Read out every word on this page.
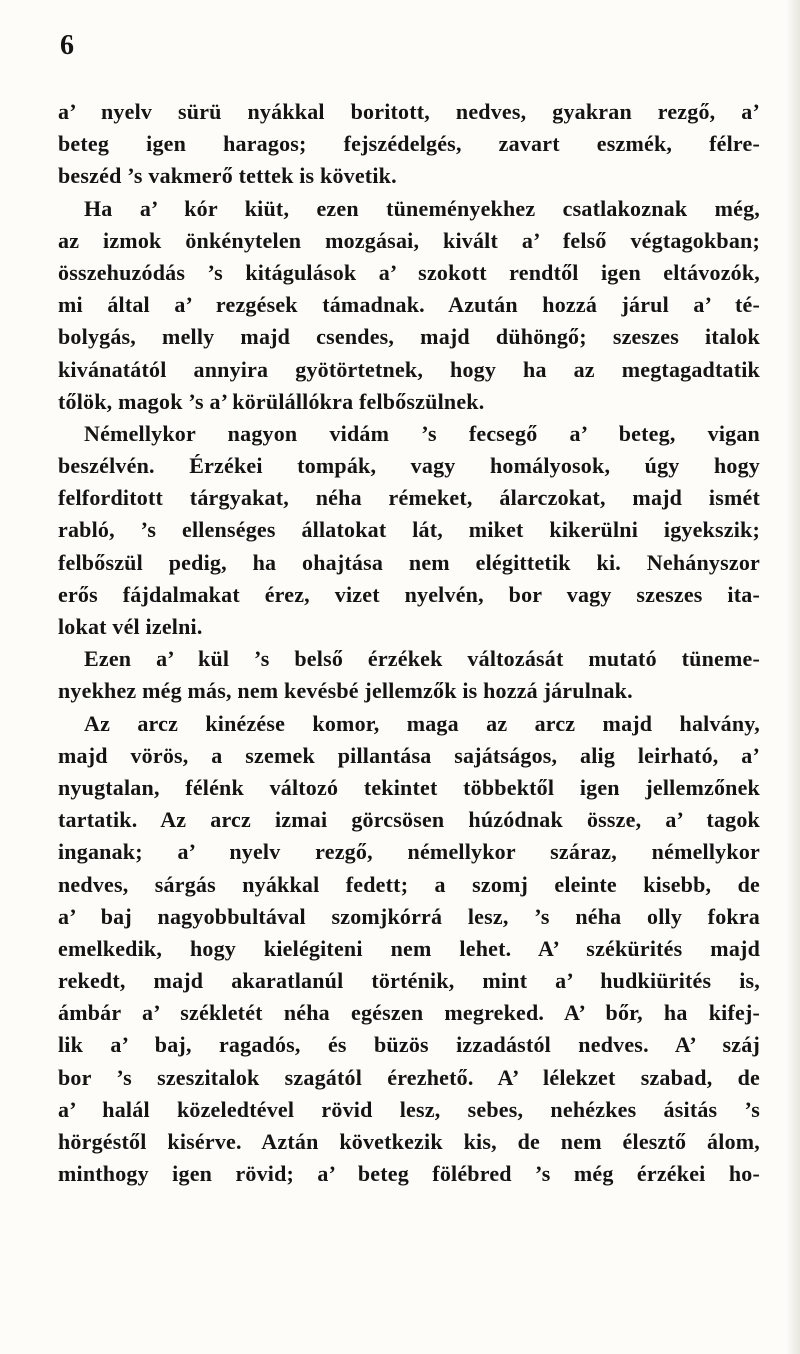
6
a’ nyelv sürü nyákkal boritott, nedves, gyakran rezgő, a’
beteg igen haragos; fejszédelgés, zavart eszmék, félre-
beszéd ’s vakmerő tettek is követik.
Ha a’ kór kiüt, ezen tüneményekhez csatlakoznak még,
az izmok önkénytelen mozgásai, kivált a’ felső végtagokban;
összehuzódás ’s kitágulások a’ szokott rendtől igen eltávozók,
mi által a’ rezgések támadnak. Azután hozzá járul a’ té-
bolygás, melly majd csendes, majd dühöngő; szeszes italok
kivánatától annyira gyötörtetnek, hogy ha az megtagadtatik
tőlök, magok ’s a’ körülállókra felbőszülnek.
Némellykor nagyon vidám ’s fecsegő a’ beteg, vigan
beszélvén. Érzékei tompák, vagy homályosok, úgy hogy
felforditott tárgyakat, néha rémeket, álarczokat, majd ismét
rabló, ’s ellenséges állatokat lát, miket kikerülni igyekszik;
felbőszül pedig, ha ohajtása nem elégittetik ki. Nehányszor
erős fájdalmakat érez, vizet nyelvén, bor vagy szeszes ita-
lokat vél izelni.
Ezen a’ kül ’s belső érzékek változását mutató tüneme-
nyekhez még más, nem kevésbé jellemzők is hozzá járulnak.
Az arcz kinézése komor, maga az arcz majd halvány,
majd vörös, a szemek pillantása sajátságos, alig leirható, a’
nyugtalan, félénk változó tekintet többektől igen jellemzőnek
tartatik. Az arcz izmai görcsösen húzódnak össze, a’ tagok
inganak; a’ nyelv rezgő, némellykor száraz, némellykor
nedves, sárgás nyákkal fedett; a szomj eleinte kisebb, de
a’ baj nagyobbultával szomjkórrá lesz, ’s néha olly fokra
emelkedik, hogy kielégiteni nem lehet. A’ székürités majd
rekedt, majd akaratlanúl történik, mint a’ hudkiürités is,
ámbár a’ székletét néha egészen megreked. A’ bőr, ha kifej-
lik a’ baj, ragadós, és büzös izzadástól nedves. A’ száj
bor ’s szeszitalok szagától érezhető. A’ lélekzet szabad, de
a’ halál közeledtével rövid lesz, sebes, nehézkes ásitás ’s
hörgéstől kisérve. Aztán következik kis, de nem élesztő álom,
minthogy igen rövid; a’ beteg fölébred ’s még érzékei ho-
